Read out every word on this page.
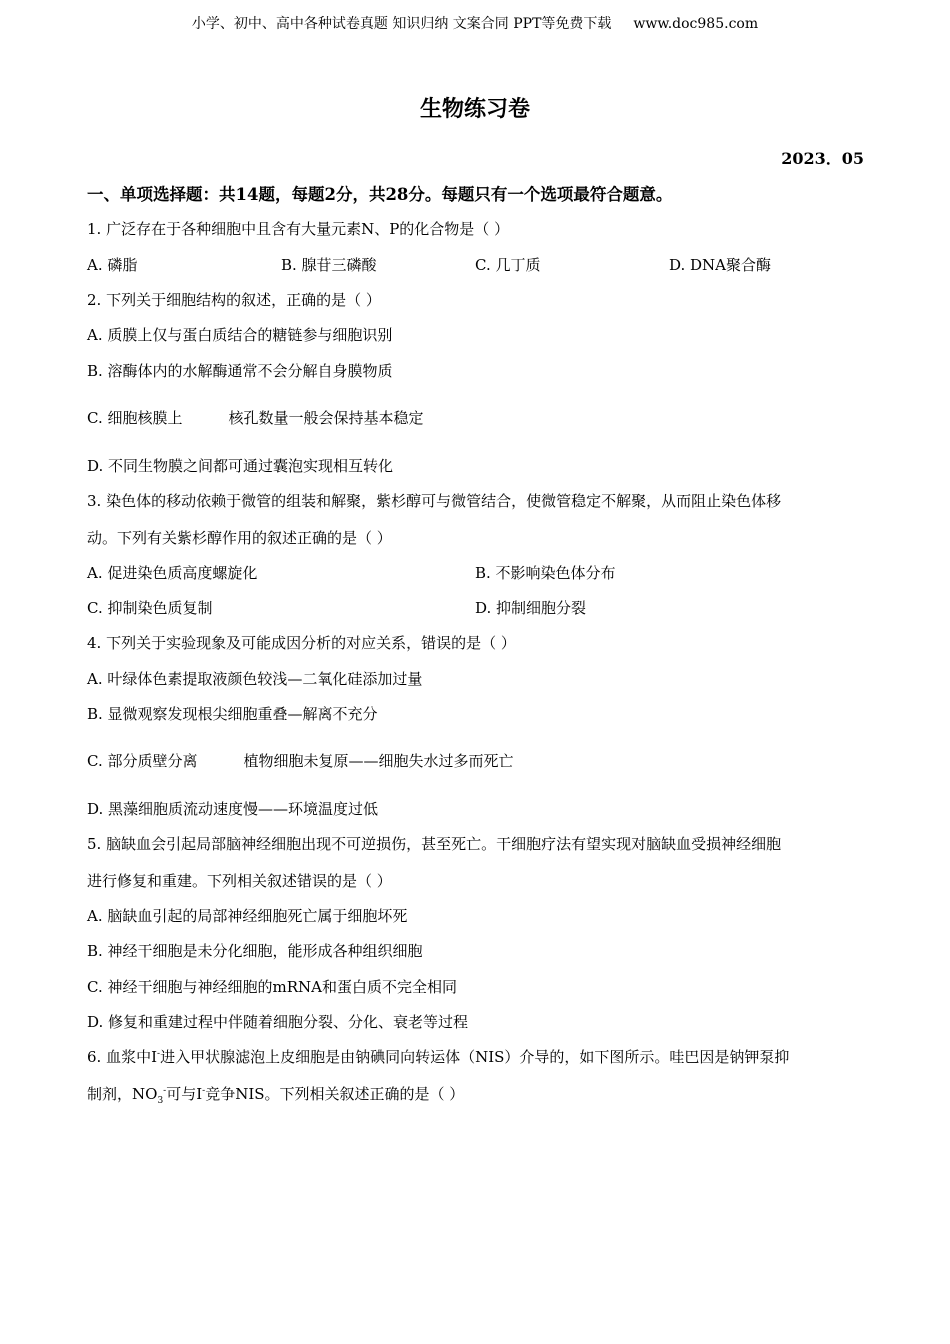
小学、初中、高中各种试卷真题 知识归纳 文案合同 PPT等免费下载 www.doc985.com
生物练习卷
2023．05
一、单项选择题：共14题，每题2分，共28分。每题只有一个选项最符合题意。
1. 广泛存在于各种细胞中且含有大量元素N、P的化合物是（ ）
A. 磷脂	B. 腺苷三磷酸	C. 几丁质	D. DNA聚合酶
2. 下列关于细胞结构的叙述，正确的是（ ）
A. 质膜上仅与蛋白质结合的糖链参与细胞识别
B. 溶酶体内的水解酶通常不会分解自身膜物质
C. 细胞核膜上	核孔数量一般会保持基本稳定
D. 不同生物膜之间都可通过囊泡实现相互转化
3. 染色体的移动依赖于微管的组装和解聚，紫杉醇可与微管结合，使微管稳定不解聚，从而阻止染色体移
动。下列有关紫杉醇作用的叙述正确的是（ ）
A. 促进染色质高度螺旋化	B. 不影响染色体分布
C. 抑制染色质复制	D. 抑制细胞分裂
4. 下列关于实验现象及可能成因分析的对应关系，错误的是（ ）
A. 叶绿体色素提取液颜色较浅—二氧化硅添加过量
B. 显微观察发现根尖细胞重叠—解离不充分
C. 部分质壁分离	植物细胞未复原——细胞失水过多而死亡
D. 黑藻细胞质流动速度慢——环境温度过低
5. 脑缺血会引起局部脑神经细胞出现不可逆损伤，甚至死亡。干细胞疗法有望实现对脑缺血受损神经细胞
进行修复和重建。下列相关叙述错误的是（ ）
A. 脑缺血引起的局部神经细胞死亡属于细胞坏死
B. 神经干细胞是未分化细胞，能形成各种组织细胞
C. 神经干细胞与神经细胞的mRNA和蛋白质不完全相同
D. 修复和重建过程中伴随着细胞分裂、分化、衰老等过程
6. 血浆中I-进入甲状腺滤泡上皮细胞是由钠碘同向转运体（NIS）介导的，如下图所示。哇巴因是钠钾泵抑
制剂，$NO_3^-$可与I-竞争NIS。下列相关叙述正确的是（ ）
